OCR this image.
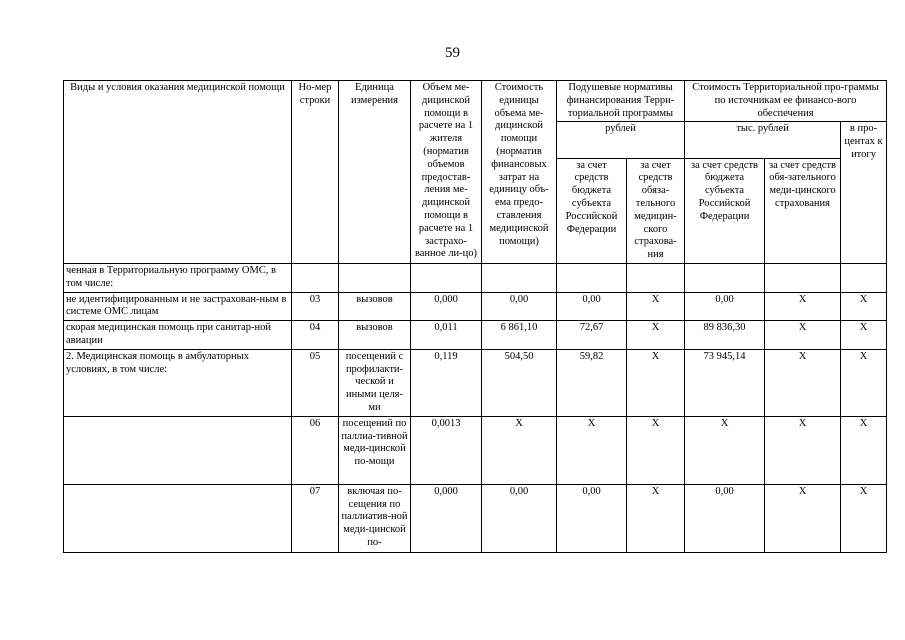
59
Виды и условия оказания медицинской помощи	Но-мер строки	Единица измерения	Объем ме-дицинской помощи в расчете на 1 жителя (норматив объемов предостав-ления ме-дицинской помощи в расчете на 1 застрахо-ванное ли-цо)	Стоимость единицы объема ме-дицинской помощи (норматив финансовых затрат на единицу объ-ема предо-ставления медицинской помощи)	Подушевые нормативы финансирования Терри-ториальной программы		Стоимость Территориальной про-граммы по источникам ее финансо-вого обеспечения		
					рублей		тыс. рублей		в про-центах к итогу
					за счет средств бюджета субъекта Российской Федерации	за счет средств обяза-тельного медицин-ского страхова-ния	за счет средств бюджета субъекта Российской Федерации	за счет средств обя-зательного меди-цинского страхования	
ченная в Территориальную программу ОМС, в том числе:									
не идентифицированным и не застрахован-ным в системе ОМС лицам	03	вызовов	0,000	0,00	0,00	Х	0,00	Х	Х
скорая медицинская помощь при санитар-ной авиации	04	вызовов	0,011	6 861,10	72,67	Х	89 836,30	Х	Х
2. Медицинская помощь в амбулаторных условиях, в том числе:	05	посещений с профилакти-ческой и иными целя-ми	0,119	504,50	59,82	Х	73 945,14	Х	Х
	06	посещений по паллиа-тивной меди-цинской по-мощи	0,0013	Х	Х	Х	Х	Х	Х
	07	включая по-сещения по паллиатив-ной меди-цинской по-	0,000	0,00	0,00	Х	0,00	Х	Х
